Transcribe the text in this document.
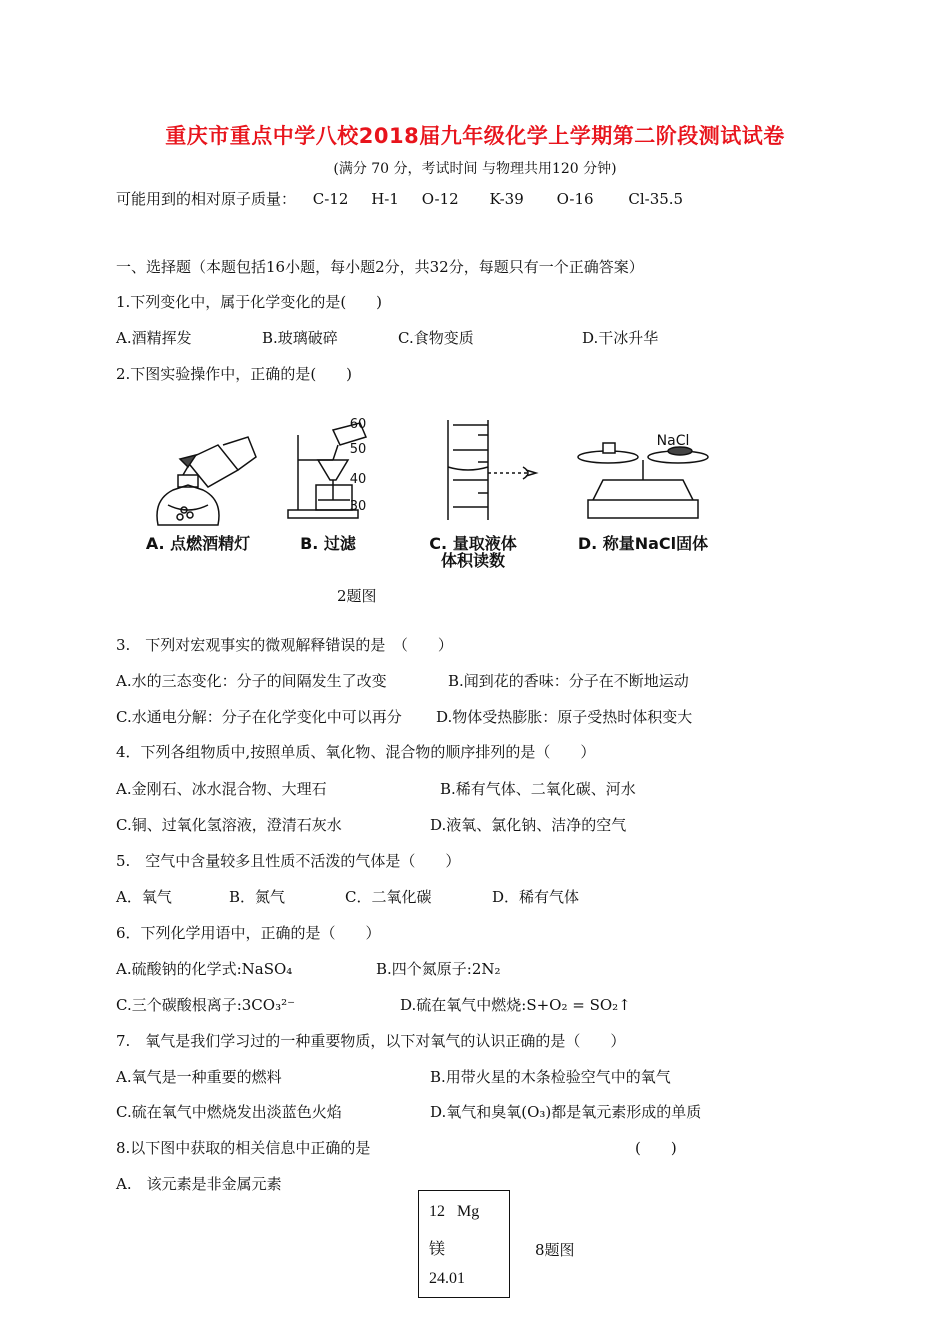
重庆市重点中学八校2018届九年级化学上学期第二阶段测试试卷
(满分 70 分，考试时间 与物理共用120 分钟)
可能用到的相对原子质量： C-12 H-1 O-12 K-39 O-16 Cl-35.5
一、选择题（本题包括16小题，每小题2分，共32分，每题只有一个正确答案）
1.下列变化中，属于化学变化的是(　　)
A.酒精挥发	B.玻璃破碎	C.食物变质	D.干冰升华
2.下图实验操作中，正确的是(　　)
60
50
40
30
NaCl
A. 点燃酒精灯	B. 过滤	C. 量取液体
体积读数
D. 称量NaCl固体
2题图
3.　下列对宏观事实的微观解释错误的是　（　　）
A.水的三态变化：分子的间隔发生了改变	B.闻到花的香味：分子在不断地运动
C.水通电分解：分子在化学变化中可以再分 D.物体受热膨胀：原子受热时体积变大
4．下列各组物质中,按照单质、氧化物、混合物的顺序排列的是（　　）
A.金刚石、冰水混合物、大理石	B.稀有气体、二氧化碳、河水
C.铜、过氧化氢溶液，澄清石灰水	D.液氧、氯化钠、洁净的空气
5.　空气中含量较多且性质不活泼的气体是（　　）
A．氧气	B．氮气	C．二氧化碳	D．稀有气体
6．下列化学用语中，正确的是（　　）
A.硫酸钠的化学式:NaSO₄	B.四个氮原子:2N₂
C.三个碳酸根离子:3CO₃²⁻	D.硫在氧气中燃烧:S+O₂ = SO₂↑
7.　氧气是我们学习过的一种重要物质，以下对氧气的认识正确的是（　　）
A.氧气是一种重要的燃料	B.用带火星的木条检验空气中的氧气
C.硫在氧气中燃烧发出淡蓝色火焰	D.氧气和臭氧(O₃)都是氧元素形成的单质
8.以下图中获取的相关信息中正确的是	(　　)
A.　该元素是非金属元素
12 Mg
镁
24.01
8题图
